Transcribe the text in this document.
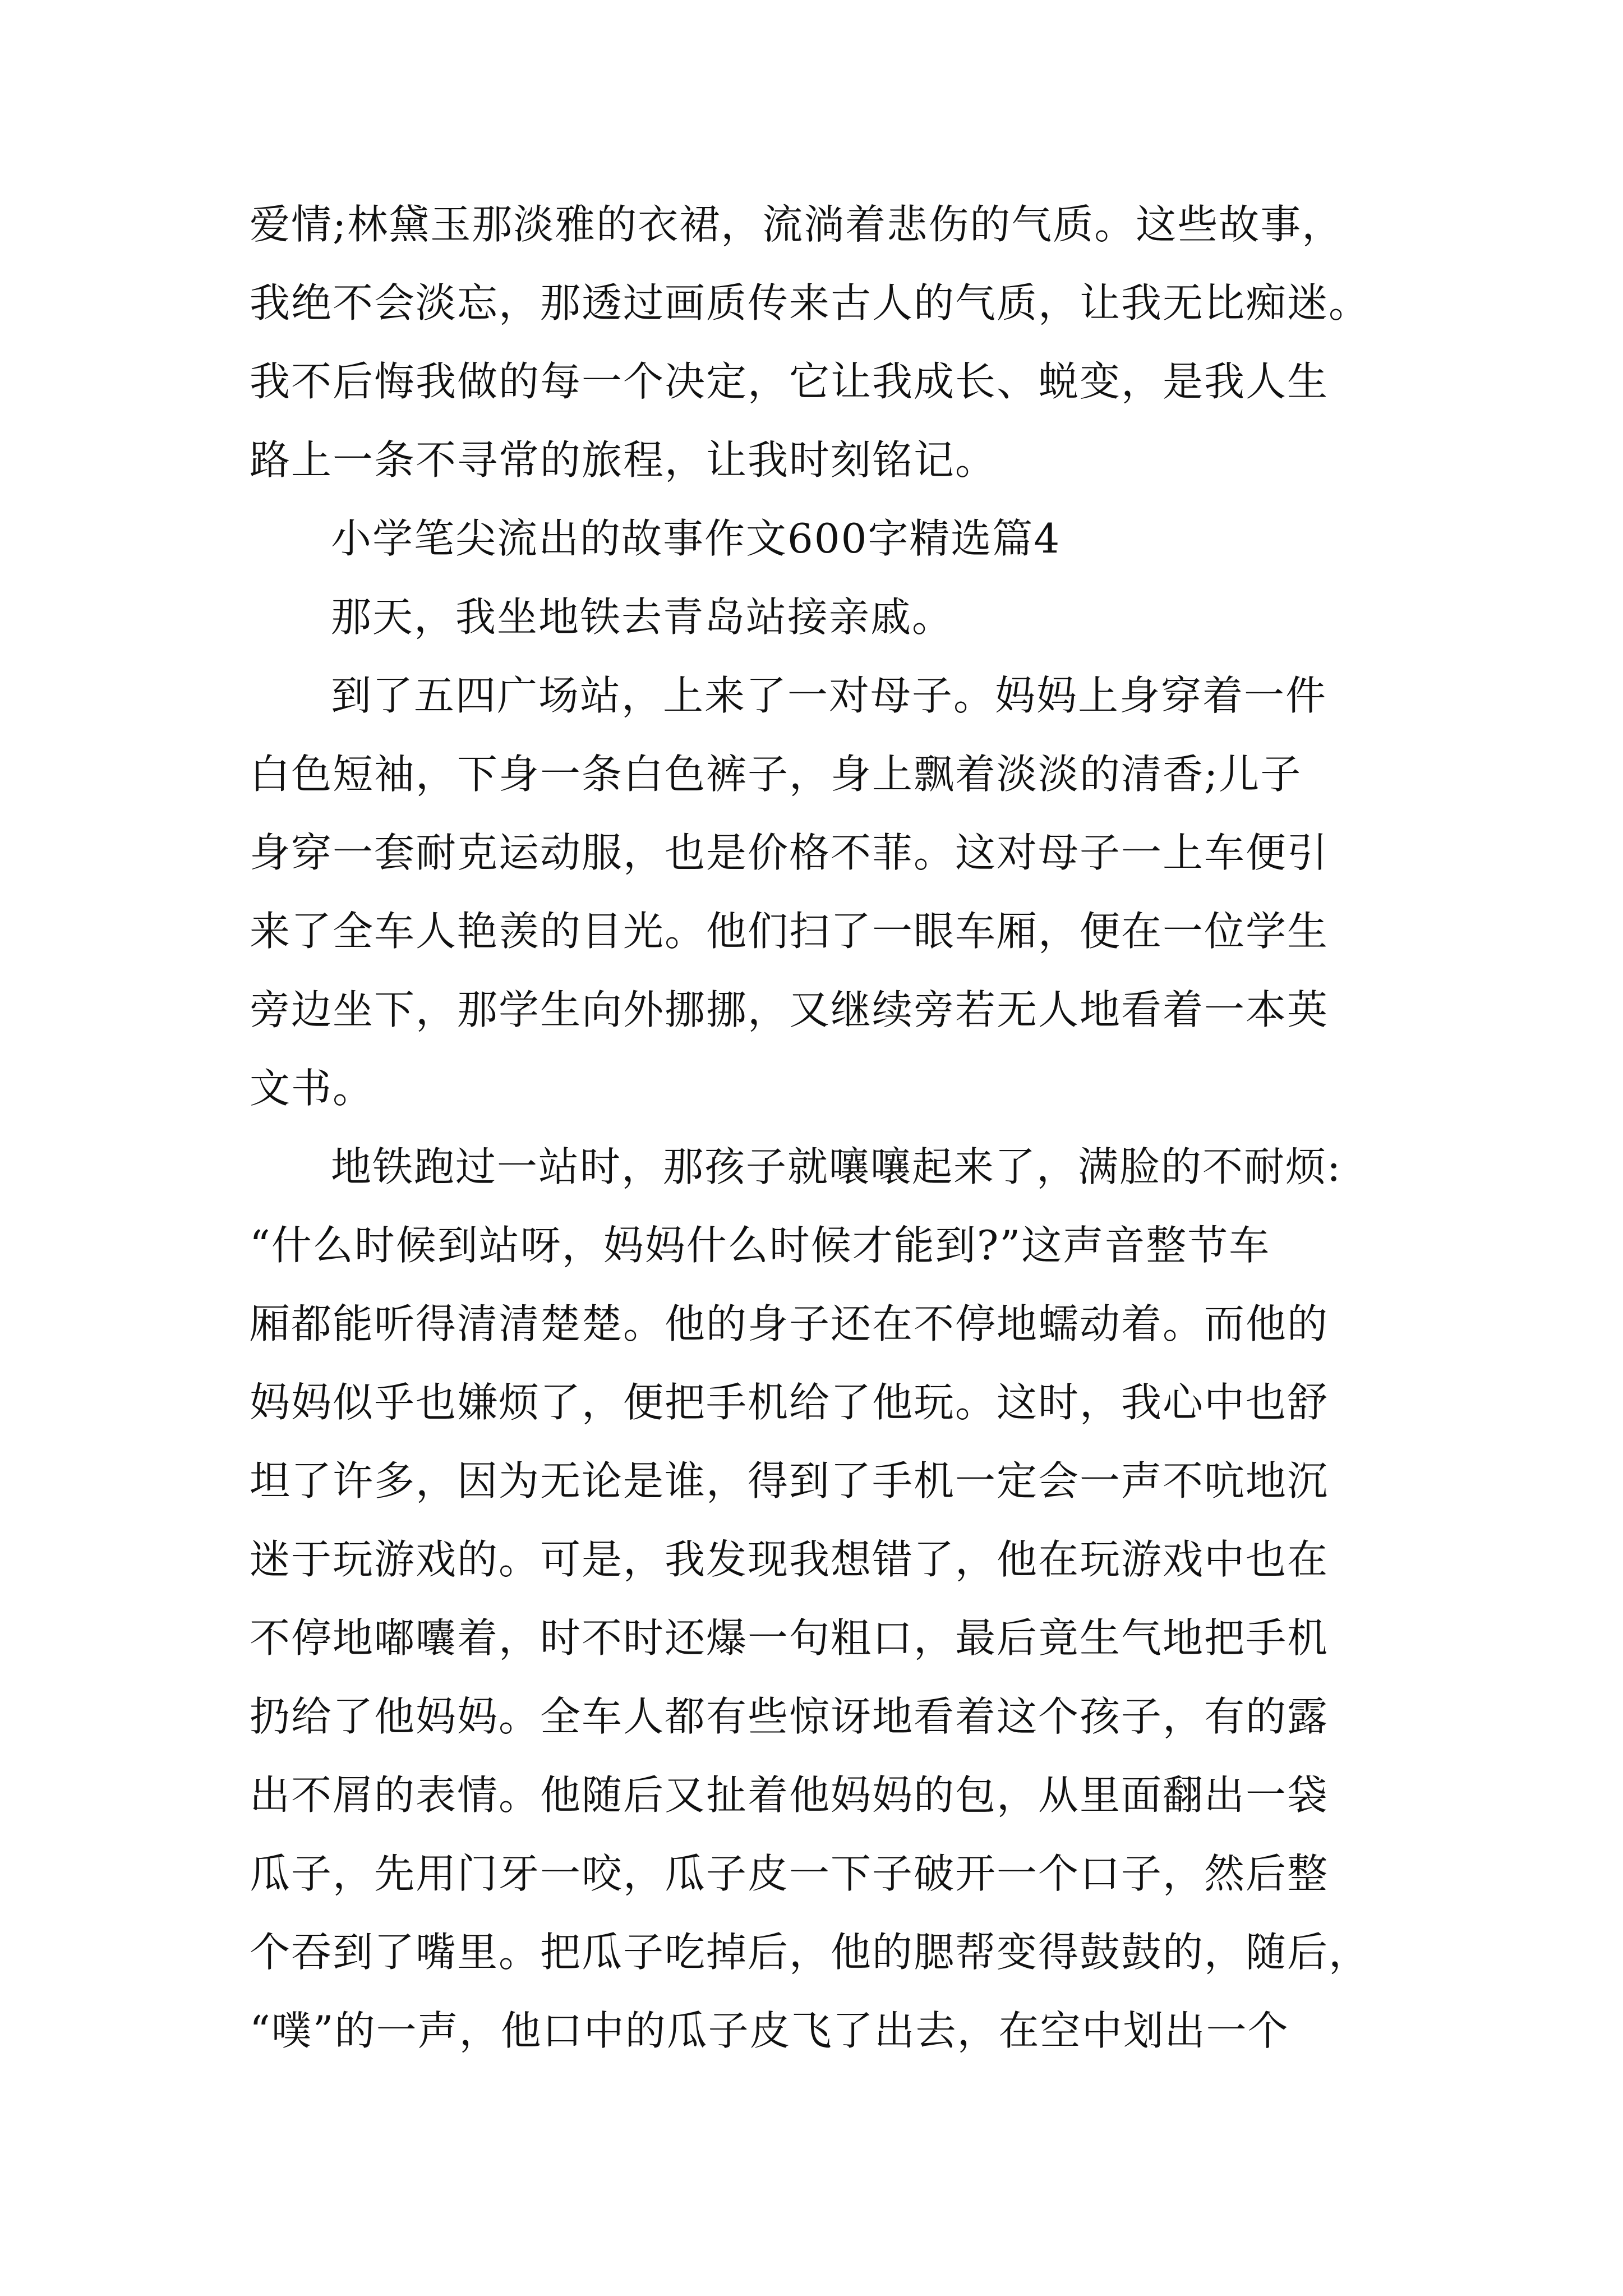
爱情;林黛玉那淡雅的衣裙，流淌着悲伤的气质。这些故事，
我绝不会淡忘，那透过画质传来古人的气质，让我无比痴迷。
我不后悔我做的每一个决定，它让我成长、蜕变，是我人生
路上一条不寻常的旅程，让我时刻铭记。
小学笔尖流出的故事作文600字精选篇4
那天，我坐地铁去青岛站接亲戚。
到了五四广场站，上来了一对母子。妈妈上身穿着一件
白色短袖，下身一条白色裤子，身上飘着淡淡的清香;儿子
身穿一套耐克运动服，也是价格不菲。这对母子一上车便引
来了全车人艳羡的目光。他们扫了一眼车厢，便在一位学生
旁边坐下，那学生向外挪挪，又继续旁若无人地看着一本英
文书。
地铁跑过一站时，那孩子就嚷嚷起来了，满脸的不耐烦:
“什么时候到站呀，妈妈什么时候才能到?”这声音整节车
厢都能听得清清楚楚。他的身子还在不停地蠕动着。而他的
妈妈似乎也嫌烦了，便把手机给了他玩。这时，我心中也舒
坦了许多，因为无论是谁，得到了手机一定会一声不吭地沉
迷于玩游戏的。可是，我发现我想错了，他在玩游戏中也在
不停地嘟囔着，时不时还爆一句粗口，最后竟生气地把手机
扔给了他妈妈。全车人都有些惊讶地看着这个孩子，有的露
出不屑的表情。他随后又扯着他妈妈的包，从里面翻出一袋
瓜子，先用门牙一咬，瓜子皮一下子破开一个口子，然后整
个吞到了嘴里。把瓜子吃掉后，他的腮帮变得鼓鼓的，随后，
“噗”的一声，他口中的瓜子皮飞了出去，在空中划出一个
